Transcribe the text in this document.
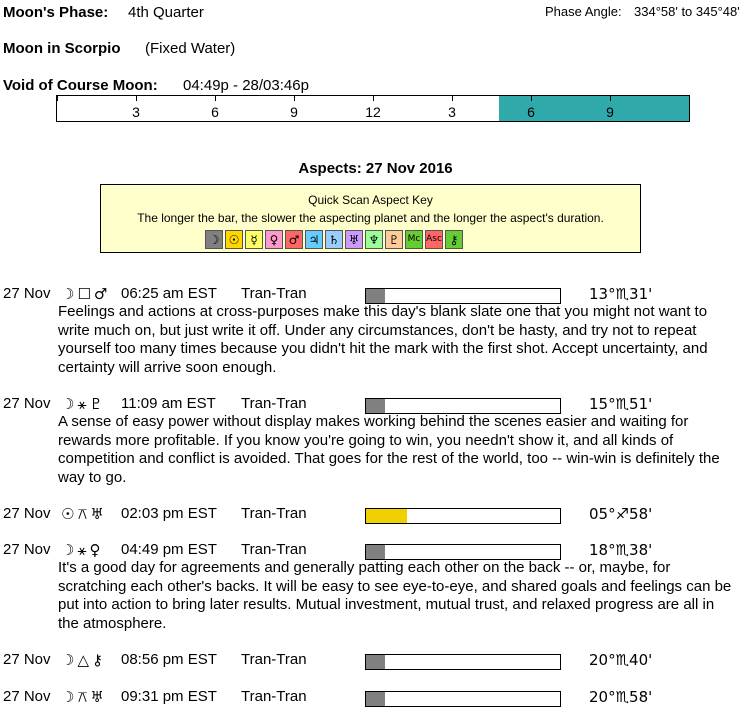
Moon's Phase: 4th Quarter	Phase Angle: 334°58' to 345°48'
Moon in Scorpio (Fixed Water)
Void of Course Moon: 04:49p - 28/03:46p
3	6	9	12	3	6	9
Aspects: 27 Nov 2016
Quick Scan Aspect Key
The longer the bar, the slower the aspecting planet and the longer the aspect's duration.
☽ ☉ ☿ ♀ ♂ ♃ ♄ ♅ ♆ ♇ Mc Asc ⚷
27 Nov ☽☐♂ 06:25 am EST Tran-Tran	13°♏31'
Feelings and actions at cross-purposes make this day's blank slate one that you might not want to write much on, but just write it off. Under any circumstances, don't be hasty, and try not to repeat yourself too many times because you didn't hit the mark with the first shot. Accept uncertainty, and certainty will arrive soon enough.
27 Nov ☽⚹♇ 11:09 am EST Tran-Tran	15°♏51'
A sense of easy power without display makes working behind the scenes easier and waiting for rewards more profitable. If you know you're going to win, you needn't show it, and all kinds of competition and conflict is avoided. That goes for the rest of the world, too -- win-win is definitely the way to go.
27 Nov ☉⚻♅ 02:03 pm EST Tran-Tran	05°♐58'
27 Nov ☽⚹♀ 04:49 pm EST Tran-Tran	18°♏38'
It's a good day for agreements and generally patting each other on the back -- or, maybe, for scratching each other's backs. It will be easy to see eye-to-eye, and shared goals and feelings can be put into action to bring later results. Mutual investment, mutual trust, and relaxed progress are all in the atmosphere.
27 Nov ☽△⚷ 08:56 pm EST Tran-Tran	20°♏40'
27 Nov ☽⚻♅ 09:31 pm EST Tran-Tran	20°♏58'
